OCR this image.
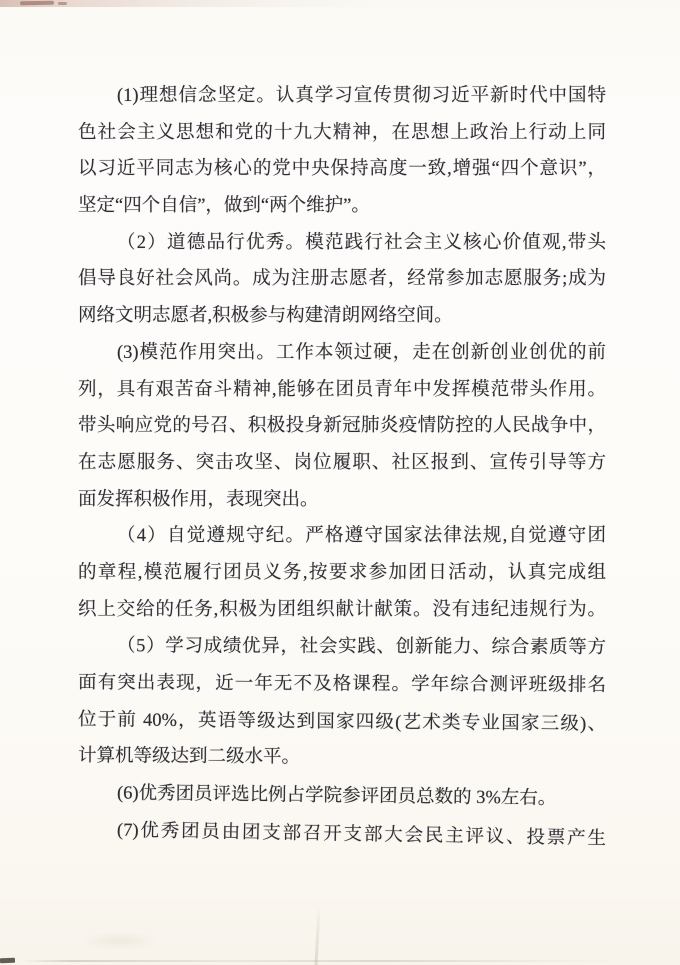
(1)理想信念坚定。认真学习宣传贯彻习近平新时代中国特
色社会主义思想和党的十九大精神，在思想上政治上行动上同
以习近平同志为核心的党中央保持高度一致,增强“四个意识”，
坚定“四个自信”，做到“两个维护”。
（2）道德品行优秀。模范践行社会主义核心价值观,带头
倡导良好社会风尚。成为注册志愿者，经常参加志愿服务;成为
网络文明志愿者,积极参与构建清朗网络空间。
(3)模范作用突出。工作本领过硬，走在创新创业创优的前
列，具有艰苦奋斗精神,能够在团员青年中发挥模范带头作用。
带头响应党的号召、积极投身新冠肺炎疫情防控的人民战争中，
在志愿服务、突击攻坚、岗位履职、社区报到、宣传引导等方
面发挥积极作用，表现突出。
（4）自觉遵规守纪。严格遵守国家法律法规,自觉遵守团
的章程,模范履行团员义务,按要求参加团日活动，认真完成组
织上交给的任务,积极为团组织献计献策。没有违纪违规行为。
（5）学习成绩优异，社会实践、创新能力、综合素质等方
面有突出表现，近一年无不及格课程。学年综合测评班级排名
位于前 40%，英语等级达到国家四级(艺术类专业国家三级)、
计算机等级达到二级水平。
(6)优秀团员评选比例占学院参评团员总数的 3%左右。
(7)优秀团员由团支部召开支部大会民主评议、投票产生
